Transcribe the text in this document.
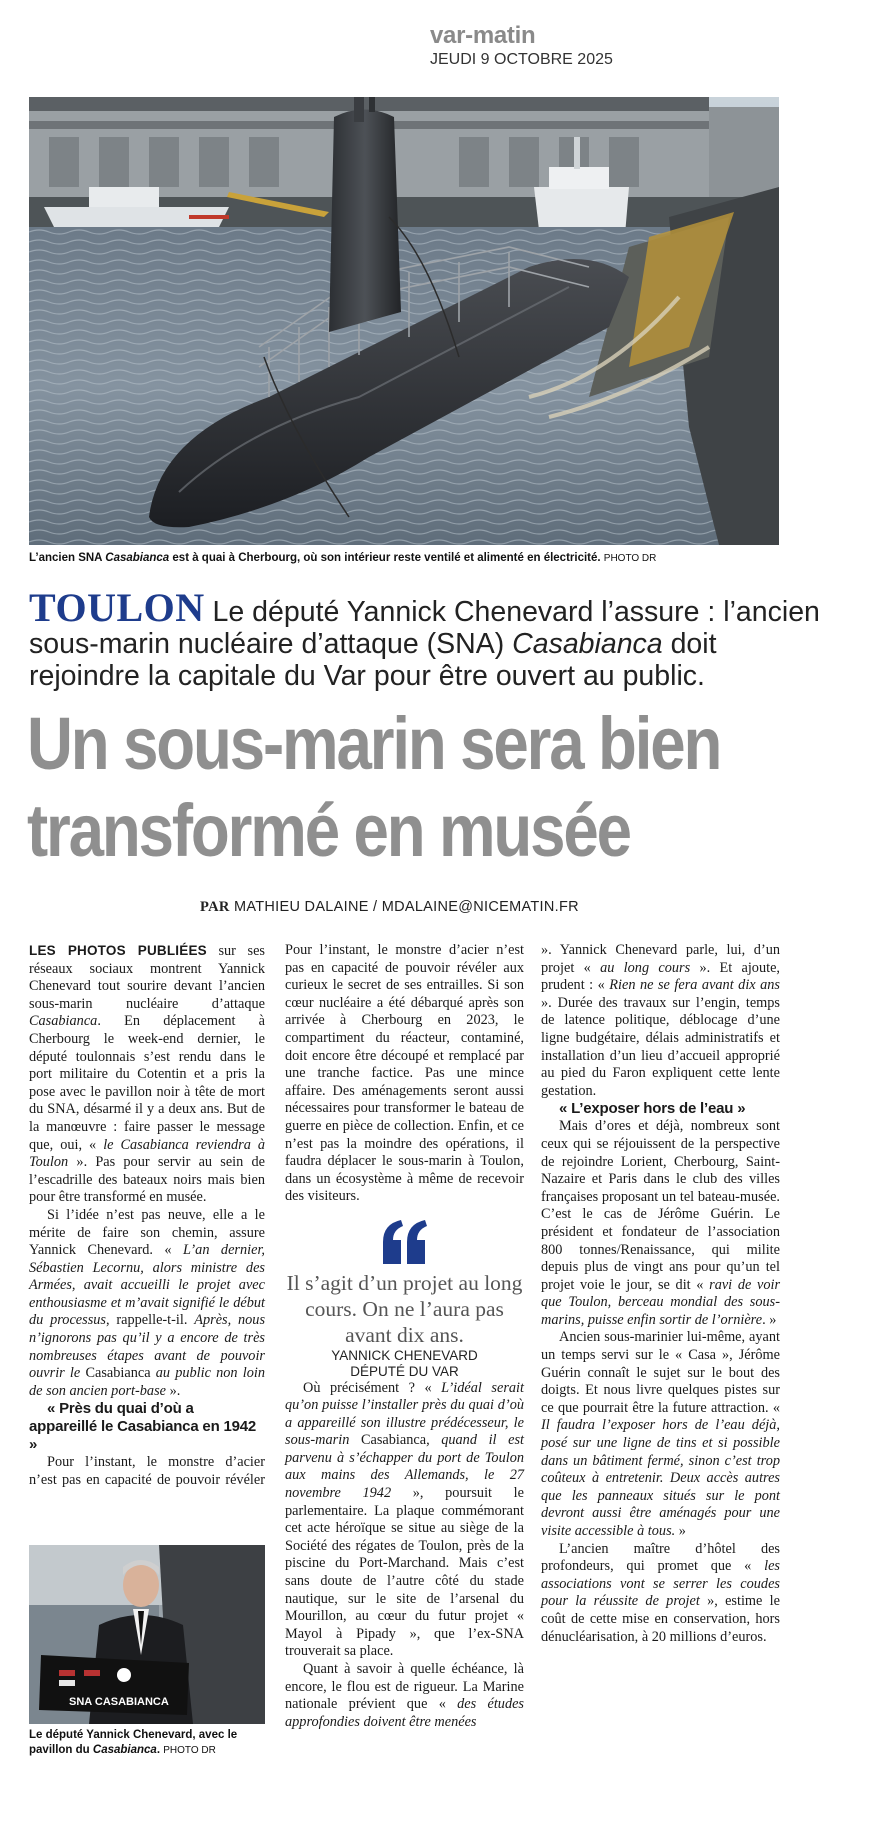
var-matin
JEUDI 9 OCTOBRE 2025
L’ancien SNA Casabianca est à quai à Cherbourg, où son intérieur reste ventilé et alimenté en électricité. PHOTO DR
TOULON Le député Yannick Chenevard l’assure : l’ancien sous-marin nucléaire d’attaque (SNA) Casabianca doit rejoindre la capitale du Var pour être ouvert au public.
Un sous-marin sera bien
transformé en musée
PAR MATHIEU DALAINE / MDALAINE@NICEMATIN.FR

LES PHOTOS PUBLIÉES sur ses réseaux sociaux montrent Yannick Chenevard tout sourire devant l’ancien sous-marin nucléaire d’attaque Casabianca. En déplacement à Cherbourg le week-end dernier, le député toulonnais s’est rendu dans le port militaire du Cotentin et a pris la pose avec le pavillon noir à tête de mort du SNA, désarmé il y a deux ans. But de la manœuvre : faire passer le message que, oui, « le Casabianca reviendra à Toulon ». Pas pour servir au sein de l’escadrille des bateaux noirs mais bien pour être transformé en musée.

Si l’idée n’est pas neuve, elle a le mérite de faire son chemin, assure Yannick Chenevard. « L’an dernier, Sébastien Lecornu, alors ministre des Armées, avait accueilli le projet avec enthousiasme et m’avait signifié le début du processus, rappelle-t-il. Après, nous n’ignorons pas qu’il y a encore de très nombreuses étapes avant de pouvoir ouvrir le Casabianca au public non loin de son ancien port-base ».

« Près du quai d’où a appareillé le Casabianca en 1942 »

Pour l’instant, le monstre d’acier n’est pas en capacité de pouvoir révéler

SNA CASABIANCA
Le député Yannick Chenevard, avec le pavillon du Casabianca. PHOTO DR

Pour l’instant, le monstre d’acier n’est pas en capacité de pouvoir révéler aux curieux le secret de ses entrailles. Si son cœur nucléaire a été débarqué après son arrivée à Cherbourg en 2023, le compartiment du réacteur, contaminé, doit encore être découpé et remplacé par une tranche factice. Pas une mince affaire. Des aménagements seront aussi nécessaires pour transformer le bateau de guerre en pièce de collection. Enfin, et ce n’est pas la moindre des opérations, il faudra déplacer le sous-marin à Toulon, dans un écosystème à même de recevoir des visiteurs.

Il s’agit d’un projet au long cours. On ne l’aura pas avant dix ans.

YANNICK CHENEVARD
DÉPUTÉ DU VAR

Où précisément ? « L’idéal serait qu’on puisse l’installer près du quai d’où a appareillé son illustre prédécesseur, le sous-marin Casabianca, quand il est parvenu à s’échapper du port de Toulon aux mains des Allemands, le 27 novembre 1942 », poursuit le parlementaire. La plaque commémorant cet acte héroïque se situe au siège de la Société des régates de Toulon, près de la piscine du Port-Marchand. Mais c’est sans doute de l’autre côté du stade nautique, sur le site de l’arsenal du Mourillon, au cœur du futur projet « Mayol à Pipady », que l’ex-SNA trouverait sa place.

Quant à savoir à quelle échéance, là encore, le flou est de rigueur. La Marine nationale prévient que « des études approfondies doivent être menées

». Yannick Chenevard parle, lui, d’un projet « au long cours ». Et ajoute, prudent : « Rien ne se fera avant dix ans ». Durée des travaux sur l’engin, temps de latence politique, déblocage d’une ligne budgétaire, délais administratifs et installation d’un lieu d’accueil approprié au pied du Faron expliquent cette lente gestation.

« L’exposer hors de l’eau »

Mais d’ores et déjà, nombreux sont ceux qui se réjouissent de la perspective de rejoindre Lorient, Cherbourg, Saint-Nazaire et Paris dans le club des villes françaises proposant un tel bateau-musée. C’est le cas de Jérôme Guérin. Le président et fondateur de l’association 800 tonnes/Renaissance, qui milite depuis plus de vingt ans pour qu’un tel projet voie le jour, se dit « ravi de voir que Toulon, berceau mondial des sous-marins, puisse enfin sortir de l’ornière. »

Ancien sous-marinier lui-même, ayant un temps servi sur le « Casa », Jérôme Guérin connaît le sujet sur le bout des doigts. Et nous livre quelques pistes sur ce que pourrait être la future attraction. « Il faudra l’exposer hors de l’eau déjà, posé sur une ligne de tins et si possible dans un bâtiment fermé, sinon c’est trop coûteux à entretenir. Deux accès autres que les panneaux situés sur le pont devront aussi être aménagés pour une visite accessible à tous. »

L’ancien maître d’hôtel des profondeurs, qui promet que « les associations vont se serrer les coudes pour la réussite de projet », estime le coût de cette mise en conservation, hors dénucléarisation, à 20 millions d’euros.
